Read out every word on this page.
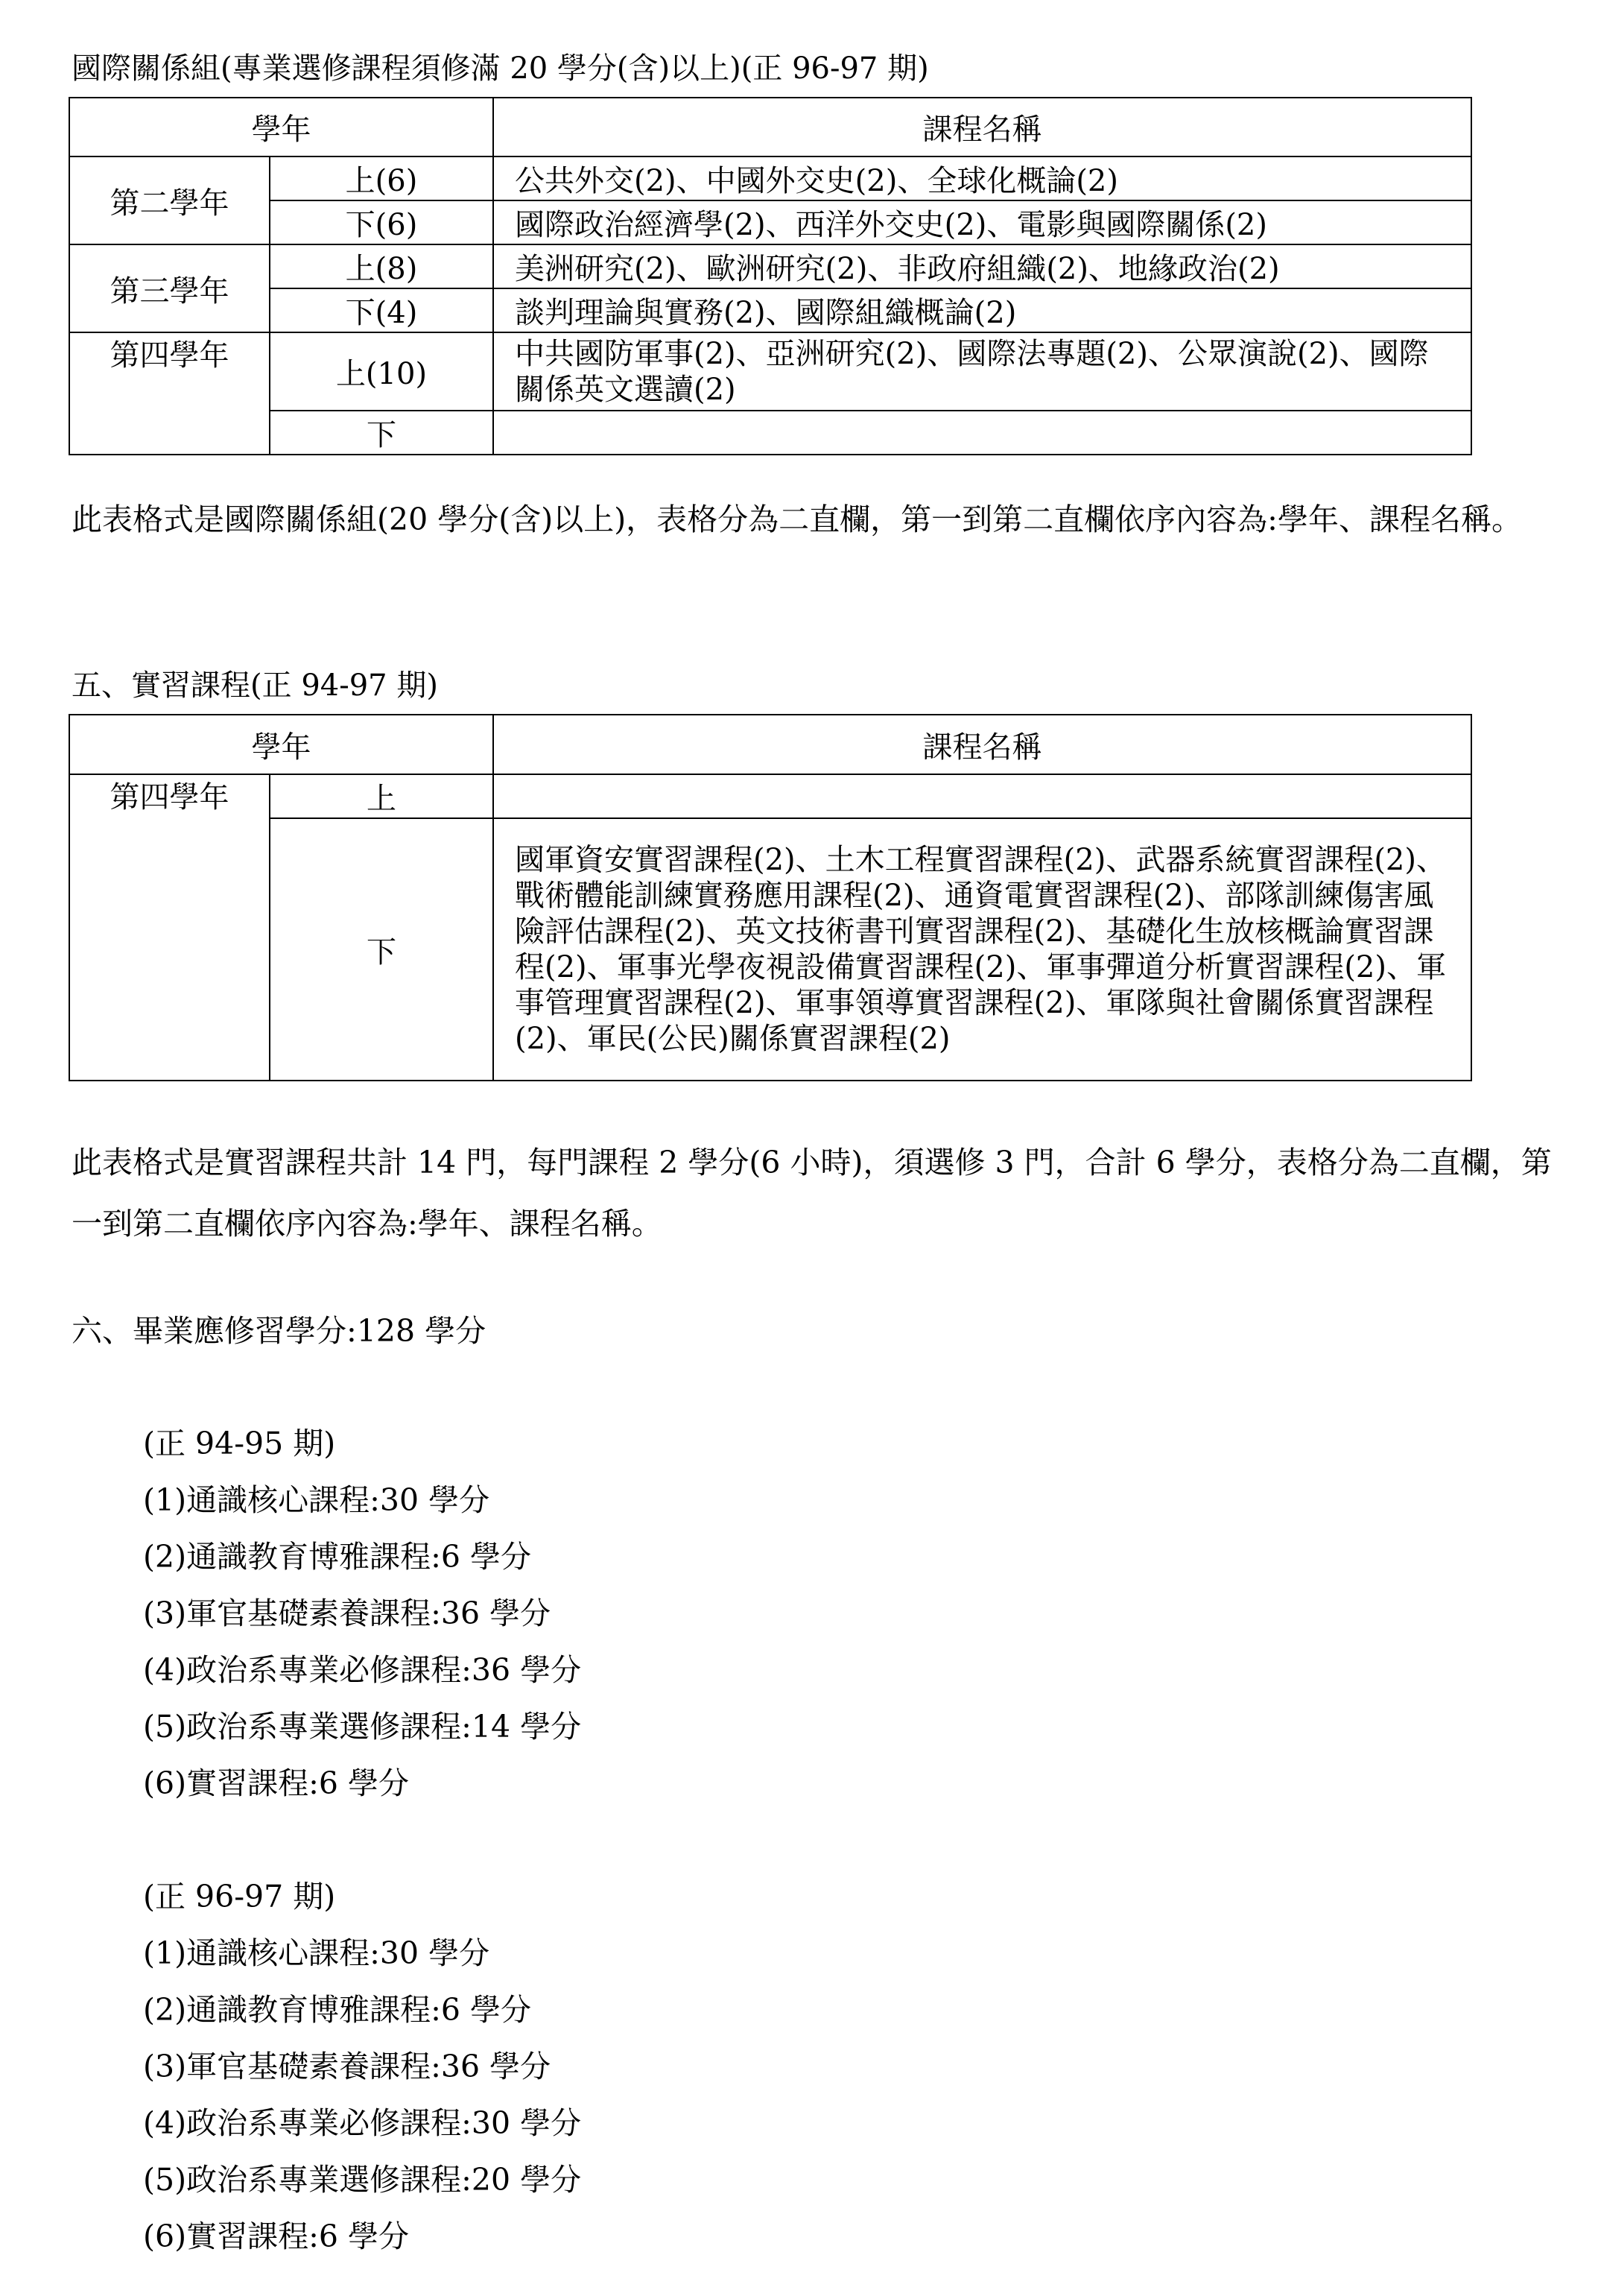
國際關係組(專業選修課程須修滿 20 學分(含)以上)(正 96-97 期)

學年		課程名稱
第二學年	上(6)	公共外交(2)、中國外交史(2)、全球化概論(2)
	下(6)	國際政治經濟學(2)、西洋外交史(2)、電影與國際關係(2)
第三學年	上(8)	美洲研究(2)、歐洲研究(2)、非政府組織(2)、地緣政治(2)
	下(4)	談判理論與實務(2)、國際組織概論(2)

第四學年	上(10)	中共國防軍事(2)、亞洲研究(2)、國際法專題(2)、公眾演說(2)、國際關係英文選讀(2)

	下	

此表格式是國際關係組(20 學分(含)以上)，表格分為二直欄，第一到第二直欄依序內容為:學年、課程名稱。

五、實習課程(正 94-97 期)

學年		課程名稱

第四學年	上	
	下	國軍資安實習課程(2)、土木工程實習課程(2)、武器系統實習課程(2)、戰術體能訓練實務應用課程(2)、通資電實習課程(2)、部隊訓練傷害風險評估課程(2)、英文技術書刊實習課程(2)、基礎化生放核概論實習課程(2)、軍事光學夜視設備實習課程(2)、軍事彈道分析實習課程(2)、軍事管理實習課程(2)、軍事領導實習課程(2)、軍隊與社會關係實習課程(2)、軍民(公民)關係實習課程(2)

此表格式是實習課程共計 14 門，每門課程 2 學分(6 小時)，須選修 3 門，合計 6 學分，表格分為二直欄，第一到第二直欄依序內容為:學年、課程名稱。

六、畢業應修習學分:128 學分

(正 94-95 期)

(1)通識核心課程:30 學分

(2)通識教育博雅課程:6 學分

(3)軍官基礎素養課程:36 學分

(4)政治系專業必修課程:36 學分

(5)政治系專業選修課程:14 學分

(6)實習課程:6 學分

(正 96-97 期)

(1)通識核心課程:30 學分

(2)通識教育博雅課程:6 學分

(3)軍官基礎素養課程:36 學分

(4)政治系專業必修課程:30 學分

(5)政治系專業選修課程:20 學分

(6)實習課程:6 學分
